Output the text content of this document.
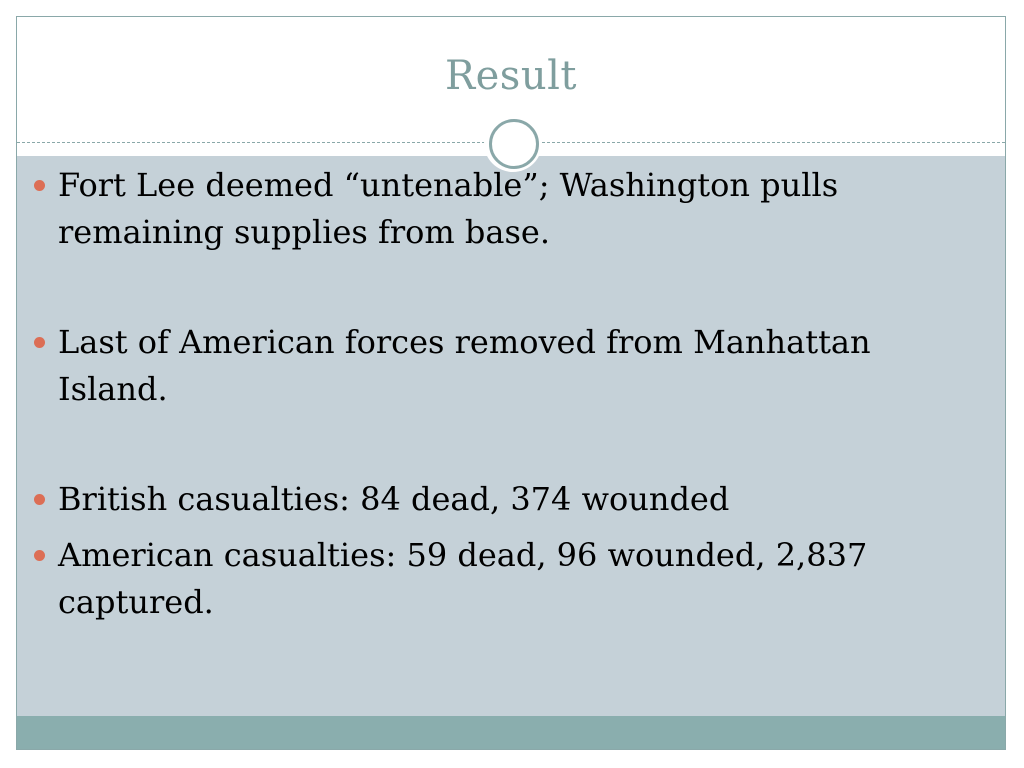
Result
Fort Lee deemed “untenable”; Washington pulls remaining supplies from base.
Last of American forces removed from Manhattan Island.
British casualties: 84 dead, 374 wounded
American casualties: 59 dead, 96 wounded, 2,837 captured.
